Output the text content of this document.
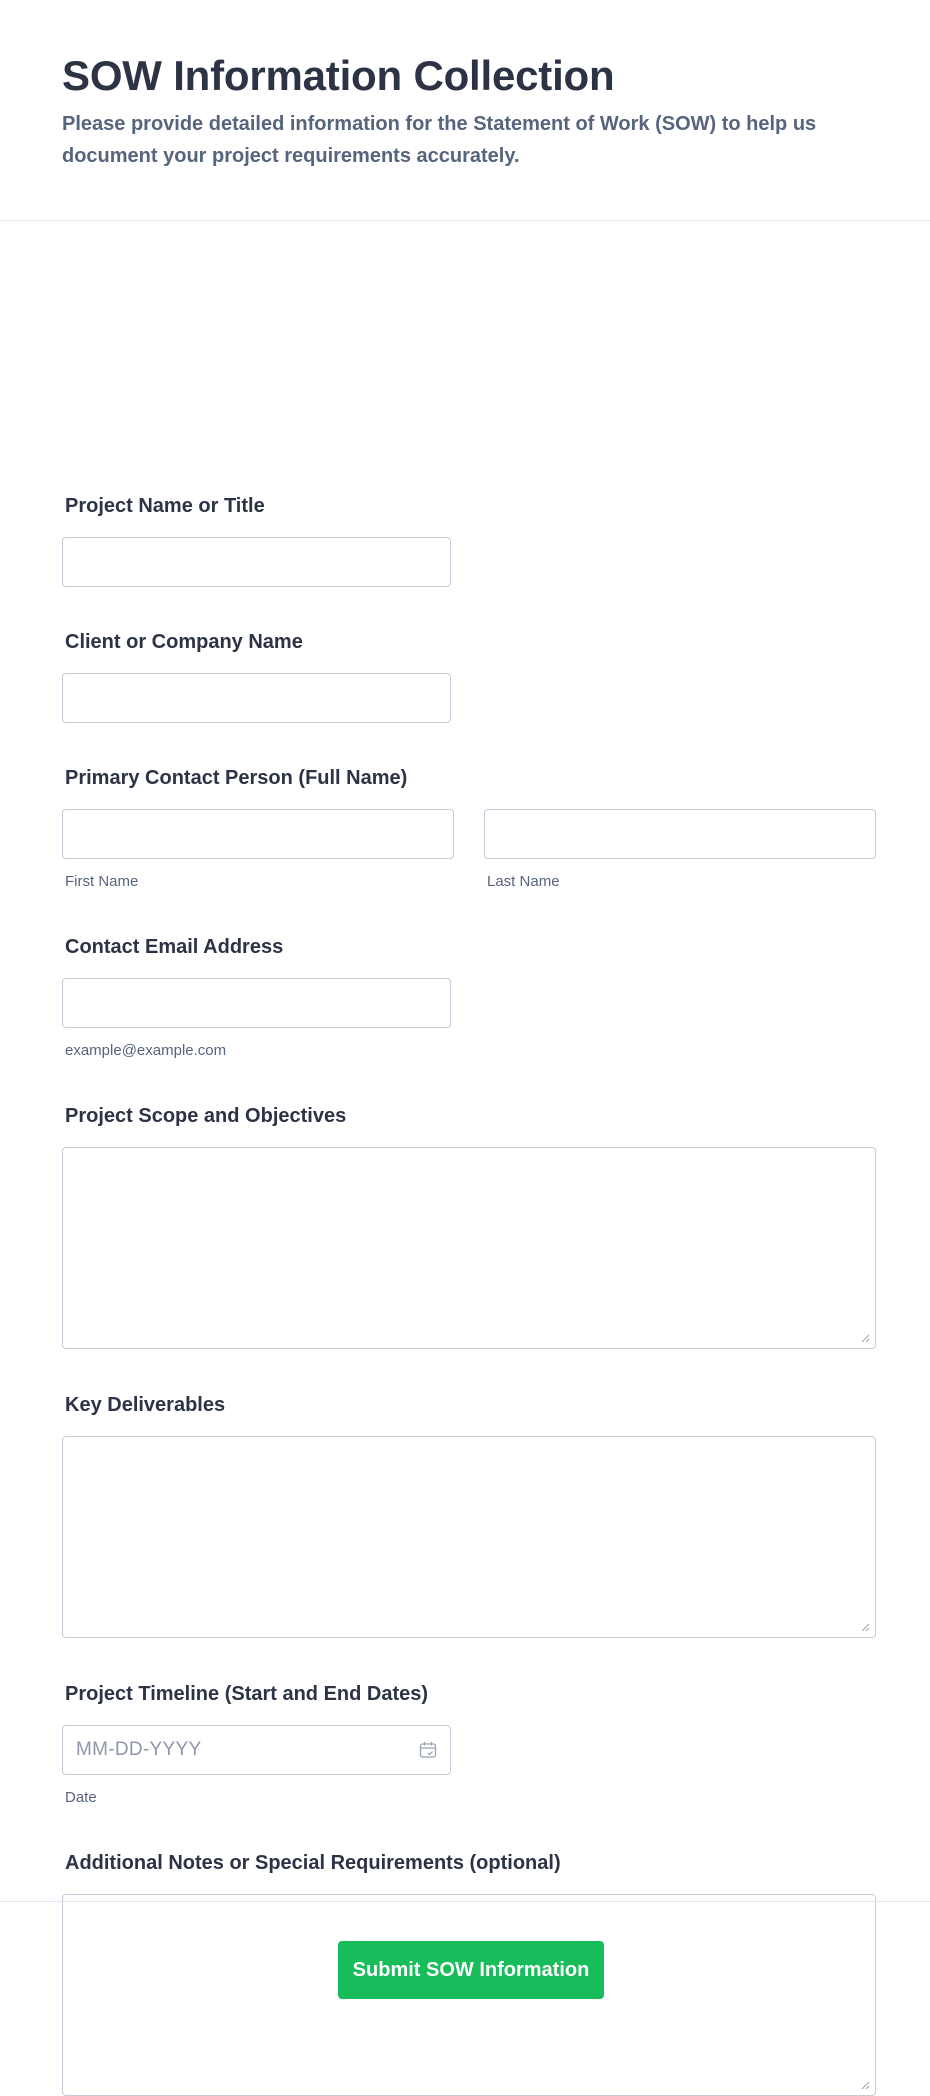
SOW Information Collection
Please provide detailed information for the Statement of Work (SOW) to help us document your project requirements accurately.
Project Name or Title
Client or Company Name
Primary Contact Person (Full Name)
First Name	Last Name
Contact Email Address
example@example.com
Project Scope and Objectives
Key Deliverables
Project Timeline (Start and End Dates)
MM-DD-YYYY
Date
Additional Notes or Special Requirements (optional)
Submit SOW Information
